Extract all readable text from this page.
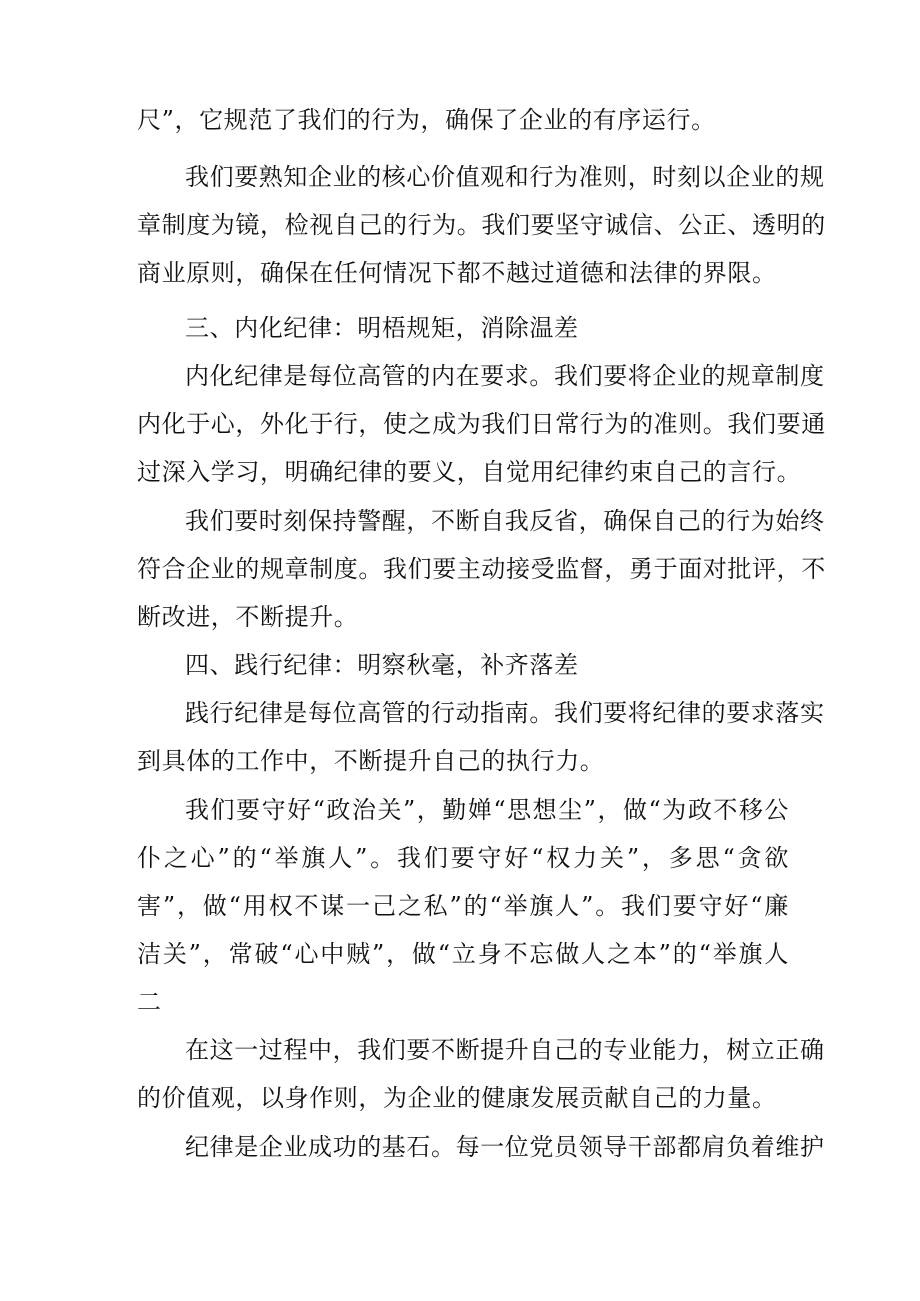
尺”，它规范了我们的行为，确保了企业的有序运行。
我们要熟知企业的核心价值观和行为准则，时刻以企业的规
章制度为镜，检视自己的行为。我们要坚守诚信、公正、透明的
商业原则，确保在任何情况下都不越过道德和法律的界限。
三、内化纪律：明梧规矩，消除温差
内化纪律是每位高管的内在要求。我们要将企业的规章制度
内化于心，外化于行，使之成为我们日常行为的准则。我们要通
过深入学习，明确纪律的要义，自觉用纪律约束自己的言行。
我们要时刻保持警醒，不断自我反省，确保自己的行为始终
符合企业的规章制度。我们要主动接受监督，勇于面对批评，不
断改进，不断提升。
四、践行纪律：明察秋毫，补齐落差
践行纪律是每位高管的行动指南。我们要将纪律的要求落实
到具体的工作中，不断提升自己的执行力。
我们要守好“政治关”，勤婵“思想尘”，做“为政不移公
仆之心”的“举旗人”。我们要守好“权力关”，多思“贪欲
害”，做“用权不谋一己之私”的“举旗人”。我们要守好“廉
洁关”，常破“心中贼”，做“立身不忘做人之本”的“举旗人
二
在这一过程中，我们要不断提升自己的专业能力，树立正确
的价值观，以身作则，为企业的健康发展贡献自己的力量。
纪律是企业成功的基石。每一位党员领导干部都肩负着维护
